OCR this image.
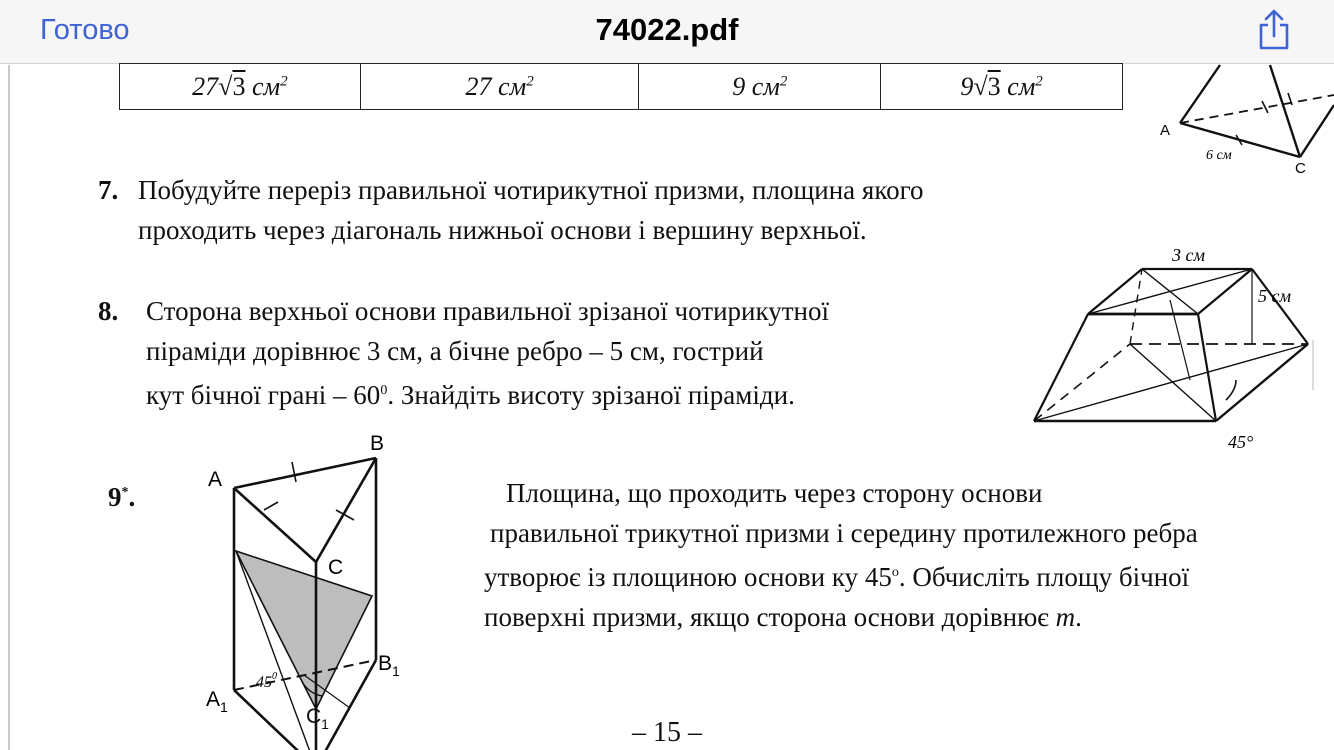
Готово	74022.pdf
27√3 $см^2$	27 $см^2$	9 $см^2$	9√3 $см^2$
A
C
6 см
7. Побудуйте переріз правильної чотирикутної призми, площина якого
проходить через діагональ нижньої основи і вершину верхньої.
8. Сторона верхньої основи правильної зрізаної чотирикутної
піраміди дорівнює 3 см, а бічне ребро – 5 см, гострий
кут бічної грані – $60^0$. Знайдіть висоту зрізаної піраміди.
3 см
5 см
45°
9*.	Площина, що проходить через сторону основи
правильної трикутної призми і середину протилежного ребра
утворює із площиною основи ку $45^о$. Обчисліть площу бічної
поверхні призми, якщо сторона основи дорівнює т.
$45^0$
A
B
C
$A_1$
$B_1$
$C_1$	– 15 –
